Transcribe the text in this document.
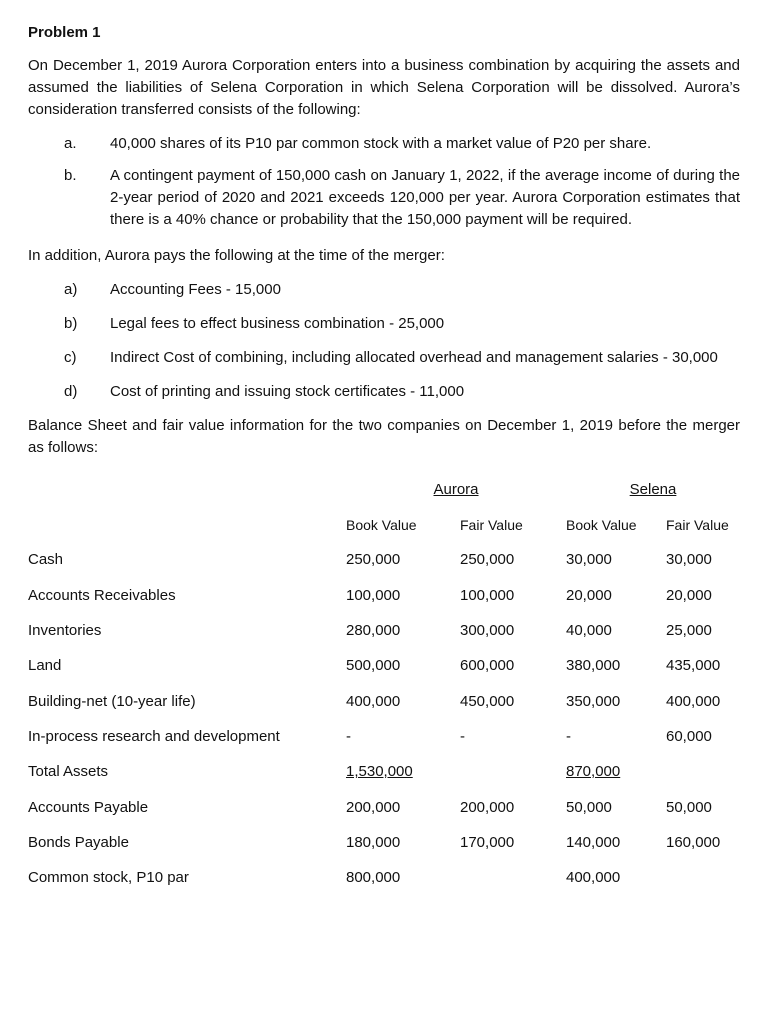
Problem 1
On December 1, 2019 Aurora Corporation enters into a business combination by acquiring the assets and assumed the liabilities of Selena Corporation in which Selena Corporation will be dissolved. Aurora’s consideration transferred consists of the following:
a.	40,000 shares of its P10 par common stock with a market value of P20 per share.
b.	A contingent payment of 150,000 cash on January 1, 2022, if the average income of during the 2-year period of 2020 and 2021 exceeds 120,000 per year. Aurora Corporation estimates that there is a 40% chance or probability that the 150,000 payment will be required.
In addition, Aurora pays the following at the time of the merger:
a)	Accounting Fees - 15,000
b)	Legal fees to effect business combination - 25,000
c)	Indirect Cost of combining, including allocated overhead and management salaries - 30,000
d)	Cost of printing and issuing stock certificates - 11,000
Balance Sheet and fair value information for the two companies on December 1, 2019 before the merger as follows:
	Aurora		Selena	
	Book Value	Fair Value	Book Value	Fair Value
Cash	250,000	250,000	30,000	30,000
Accounts Receivables	100,000	100,000	20,000	20,000
Inventories	280,000	300,000	40,000	25,000
Land	500,000	600,000	380,000	435,000
Building-net (10-year life)	400,000	450,000	350,000	400,000
In-process research and development	-	-	-	60,000
Total Assets	1,530,000		870,000	
Accounts Payable	200,000	200,000	50,000	50,000
Bonds Payable	180,000	170,000	140,000	160,000
Common stock, P10 par	800,000		400,000	
